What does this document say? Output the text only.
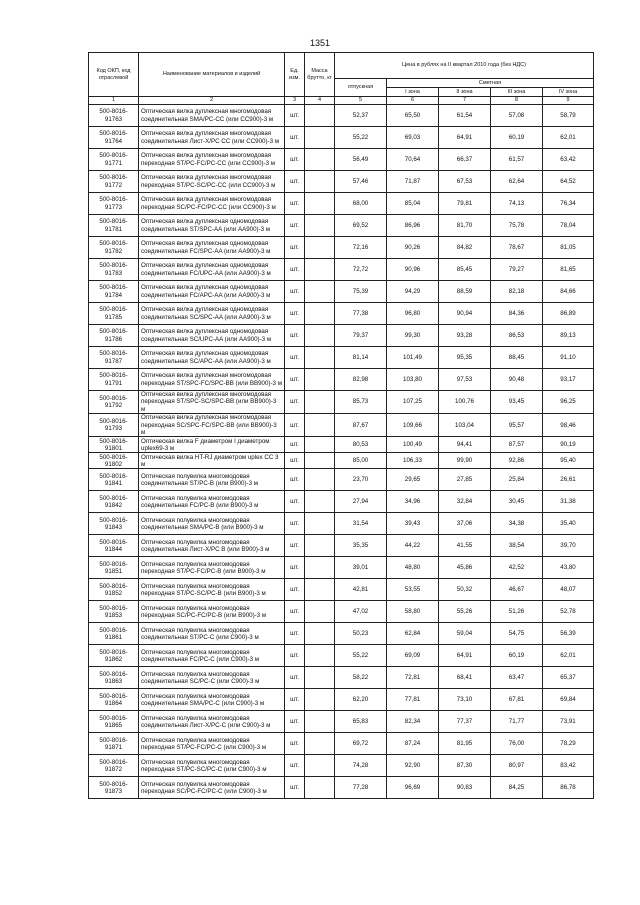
1351
Код ОКП, код отраслевой	Наименование материалов и изделий	Ед. изм.	Масса брутто, кг	Цена в рублях на II квартал 2010 года (без НДС)				
				отпускная	Сметная			
					I зона	II зона	III зона	IV зона
1	2	3	4	5	6	7	8	9
500-8016-91763	Оптическая вилка дуплексная многомодовая соединительная SMA/PC-CC (или CC900)-3 м	шт.		52,37	65,50	61,54	57,08	58,79
500-8016-91764	Оптическая вилка дуплексная многомодовая соединительная Лист-X/PC CC (или CC900)-3 м	шт.		55,22	69,03	64,91	60,19	62,01
500-8016-91771	Оптическая вилка дуплексная многомодовая переходная ST/PC-FC/PC-CC (или CC900)-3 м	шт.		56,49	70,64	66,37	61,57	63,42
500-8016-91772	Оптическая вилка дуплексная многомодовая переходная ST/PC-SC/PC-CC (или CC900)-3 м	шт.		57,46	71,87	67,53	62,64	64,52
500-8016-91773	Оптическая вилка дуплексная многомодовая переходная SC/PC-FC/PC-CC (или CC900)-3 м	шт.		68,00	85,04	79,81	74,13	76,34
500-8016-91781	Оптическая вилка дуплексная одномодовая соединительная ST/SPC-AA (или AA900)-3 м	шт.		69,52	86,96	81,70	75,78	78,04
500-8016-91782	Оптическая вилка дуплексная одномодовая соединительная FC/SPC-AA (или AA900)-3 м	шт.		72,16	90,26	84,82	78,67	81,05
500-8016-91783	Оптическая вилка дуплексная одномодовая соединительная FC/UPC-AA (или AA900)-3 м	шт.		72,72	90,96	85,45	79,27	81,65
500-8016-91784	Оптическая вилка дуплексная одномодовая соединительная FC/APC-AA (или AA900)-3 м	шт.		75,39	94,29	88,59	82,18	84,66
500-8016-91785	Оптическая вилка дуплексная одномодовая соединительная SC/SPC-AA (или AA900)-3 м	шт.		77,38	96,80	90,94	84,36	86,89
500-8016-91786	Оптическая вилка дуплексная одномодовая соединительная SC/UPC-AA (или AA900)-3 м	шт.		79,37	99,30	93,28	86,53	89,13
500-8016-91787	Оптическая вилка дуплексная одномодовая соединительная SC/APC-AA (или AA900)-3 м	шт.		81,14	101,49	95,35	88,45	91,10
500-8016-91791	Оптическая вилка дуплексная многомодовая переходная ST/SPC-FC/SPC-BB (или BB900)-3 м	шт.		82,98	103,80	97,53	90,48	93,17
500-8016-91792	Оптическая вилка дуплексная многомодовая переходная ST/SPC-SC/SPC-BB (или BB900)-3 м	шт.		85,73	107,25	100,76	93,45	96,25
500-8016-91793	Оптическая вилка дуплексная многомодовая переходная SC/SPC-FC/SPC-BB (или BB900)-3 м	шт.		87,67	109,66	103,04	95,57	98,46
500-8016-91801	Оптическая вилка F диаметром I диаметром uplex69-3 м	шт.		80,53	100,49	94,41	87,57	90,19
500-8016-91802	Оптическая вилка HT-RJ диаметром uplex CC 3 м	шт.		85,00	106,33	99,90	92,86	95,40
500-8016-91841	Оптическая полувилка многомодовая соединительная ST/PC-B (или B900)-3 м	шт.		23,70	29,65	27,85	25,84	26,61
500-8016-91842	Оптическая полувилка многомодовая соединительная FC/PC-B (или B900)-3 м	шт.		27,94	34,96	32,84	30,45	31,38
500-8016-91843	Оптическая полувилка многомодовая соединительная SMA/PC-B (или B900)-3 м	шт.		31,54	39,43	37,06	34,38	35,40
500-8016-91844	Оптическая полувилка многомодовая соединительная Лист-X/PC B (или B900)-3 м	шт.		35,35	44,22	41,55	38,54	39,70
500-8016-91851	Оптическая полувилка многомодовая переходная ST/PC-FC/PC-B (или B900)-3 м	шт.		39,01	48,80	45,86	42,52	43,80
500-8016-91852	Оптическая полувилка многомодовая переходная ST/PC-SC/PC-B (или B900)-3 м	шт.		42,81	53,55	50,32	46,67	48,07
500-8016-91853	Оптическая полувилка многомодовая переходная SC/PC-FC/PC-B (или B900)-3 м	шт.		47,02	58,80	55,26	51,26	52,78
500-8016-91861	Оптическая полувилка многомодовая соединительная ST/PC-C (или C900)-3 м	шт.		50,23	62,84	59,04	54,75	56,39
500-8016-91862	Оптическая полувилка многомодовая соединительная FC/PC-C (или C900)-3 м	шт.		55,22	69,09	64,91	60,19	62,01
500-8016-91863	Оптическая полувилка многомодовая соединительная SC/PC-C (или C900)-3 м	шт.		58,22	72,81	68,41	63,47	65,37
500-8016-91864	Оптическая полувилка многомодовая соединительная SMA/PC-C (или C900)-3 м	шт.		62,20	77,81	73,10	67,81	69,84
500-8016-91865	Оптическая полувилка многомодовая соединительная Лист-X/PC-C (или C900)-3 м	шт.		65,83	82,34	77,37	71,77	73,91
500-8016-91871	Оптическая полувилка многомодовая переходная ST/PC-FC/PC-C (или C900)-3 м	шт.		69,72	87,24	81,95	76,00	78,29
500-8016-91872	Оптическая полувилка многомодовая переходная ST/PC-SC/PC-C (или C900)-3 м	шт.		74,28	92,90	87,30	80,97	83,42
500-8016-91873	Оптическая полувилка многомодовая переходная SC/PC-FC/PC-C (или C900)-3 м	шт.		77,28	96,69	90,83	84,25	86,78
